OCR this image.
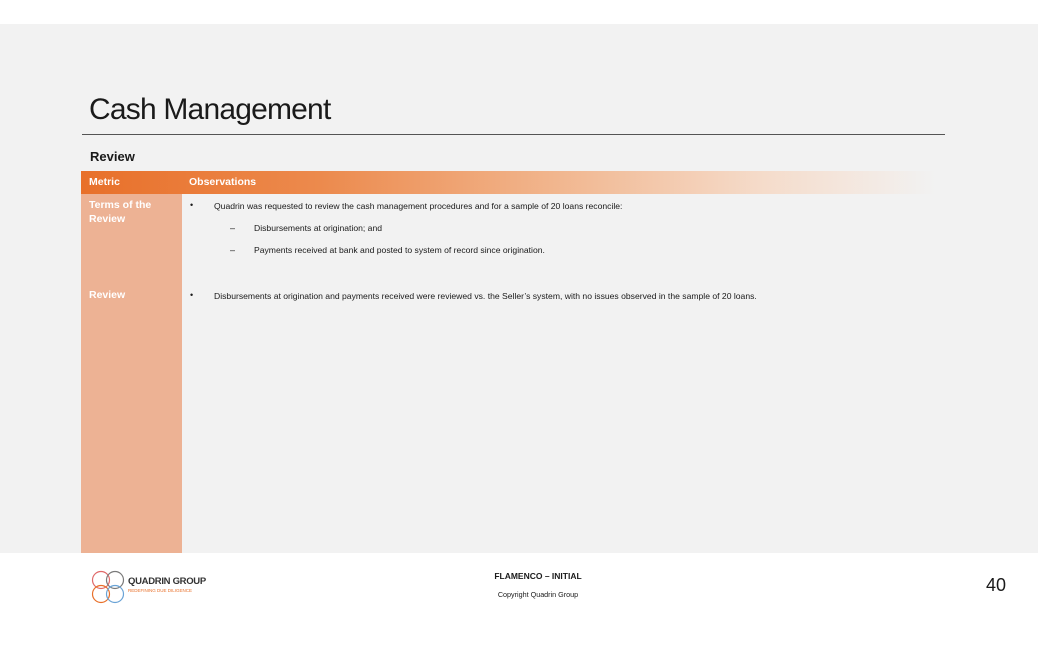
Cash Management
Review
Metric	Observations
Terms of the Review
Review
• Quadrin was requested to review the cash management procedures and for a sample of 20 loans reconcile:
– Disbursements at origination; and
– Payments received at bank and posted to system of record since origination.
• Disbursements at origination and payments received were reviewed vs. the Seller’s system, with no issues observed in the sample of 20 loans.
QUADRIN GROUP
REDEFINING DUE DILIGENCE
FLAMENCO – INITIAL
Copyright Quadrin Group	40
